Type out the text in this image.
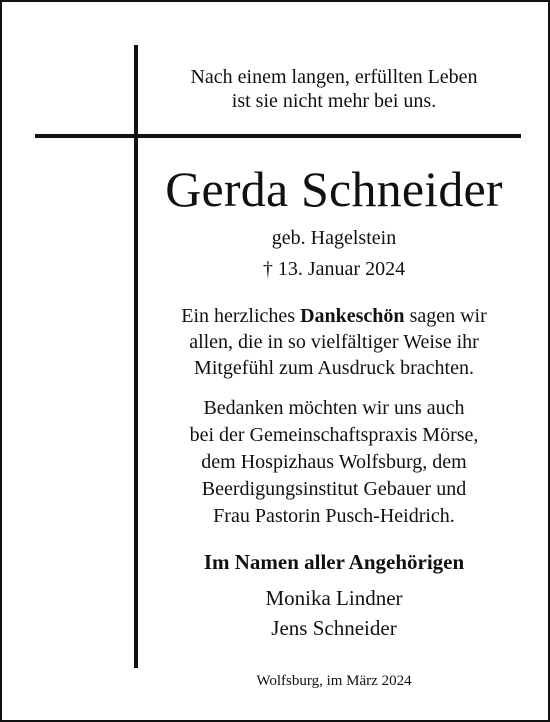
Nach einem langen, erfüllten Leben
ist sie nicht mehr bei uns.
Gerda Schneider
geb. Hagelstein
† 13. Januar 2024
Ein herzliches Dankeschön sagen wir
allen, die in so vielfältiger Weise ihr
Mitgefühl zum Ausdruck brachten.
Bedanken möchten wir uns auch
bei der Gemeinschaftspraxis Mörse,
dem Hospizhaus Wolfsburg, dem
Beerdigungsinstitut Gebauer und
Frau Pastorin Pusch-Heidrich.
Im Namen aller Angehörigen
Monika Lindner
Jens Schneider
Wolfsburg, im März 2024
